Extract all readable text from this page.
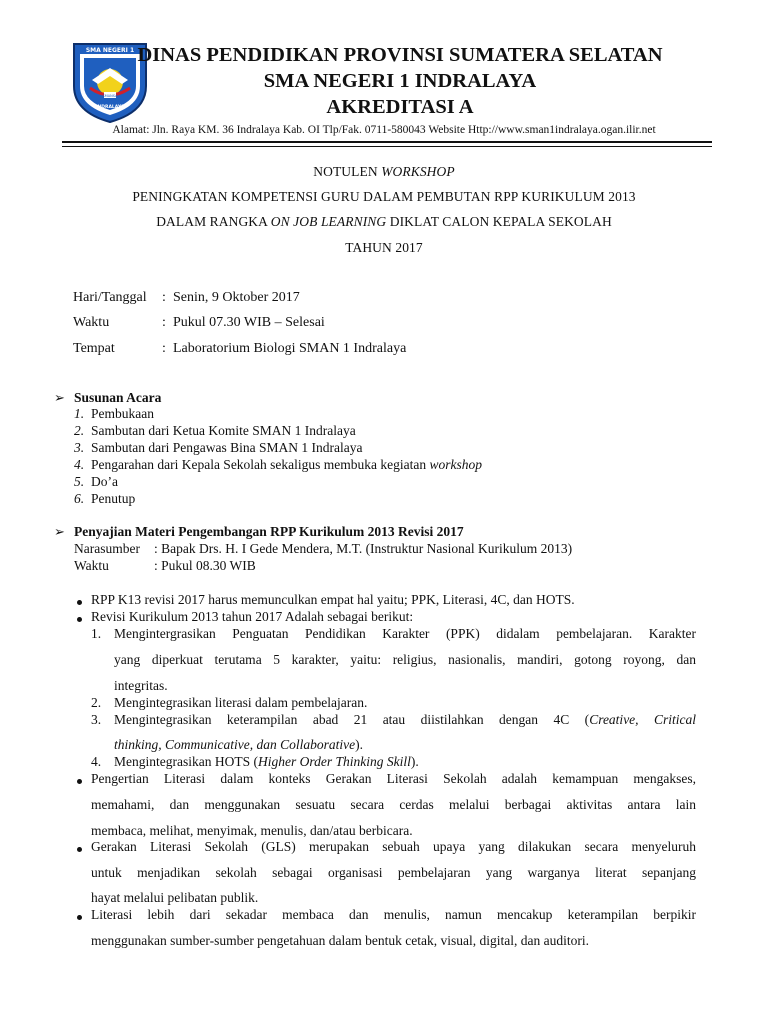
SMA NEGERI 1
SMANSA
INDRALAYA
DINAS PENDIDIKAN PROVINSI SUMATERA SELATAN
SMA NEGERI 1 INDRALAYA
AKREDITASI A
Alamat: Jln. Raya KM. 36 Indralaya Kab. OI Tlp/Fak. 0711-580043 Website Http://www.sman1indralaya.ogan.ilir.net
NOTULEN WORKSHOP
PENINGKATAN KOMPETENSI GURU DALAM PEMBUTAN RPP KURIKULUM 2013
DALAM RANGKA ON JOB LEARNING DIKLAT CALON KEPALA SEKOLAH
TAHUN 2017
Hari/Tanggal : Senin, 9 Oktober 2017
Waktu	: Pukul 07.30 WIB – Selesai
Tempat	: Laboratorium Biologi SMAN 1 Indralaya
➢ Susunan Acara
1. Pembukaan
2. Sambutan dari Ketua Komite SMAN 1 Indralaya
3. Sambutan dari Pengawas Bina SMAN 1 Indralaya
4. Pengarahan dari Kepala Sekolah sekaligus membuka kegiatan workshop
5. Do’a
6. Penutup
➢ Penyajian Materi Pengembangan RPP Kurikulum 2013 Revisi 2017
Narasumber : Bapak Drs. H. I Gede Mendera, M.T. (Instruktur Nasional Kurikulum 2013)
Waktu	: Pukul 08.30 WIB
RPP K13 revisi 2017 harus memunculkan empat hal yaitu; PPK, Literasi, 4C, dan HOTS.
Revisi Kurikulum 2013 tahun 2017 Adalah sebagai berikut:
1. Mengintergrasikan Penguatan Pendidikan Karakter (PPK) didalam pembelajaran. Karakter
yang diperkuat terutama 5 karakter, yaitu: religius, nasionalis, mandiri, gotong royong, dan
integritas.
2. Mengintegrasikan literasi dalam pembelajaran.
3. Mengintegrasikan keterampilan abad 21 atau diistilahkan dengan 4C (Creative, Critical
thinking, Communicative, dan Collaborative).
4. Mengintegrasikan HOTS (Higher Order Thinking Skill).
Pengertian Literasi dalam konteks Gerakan Literasi Sekolah adalah kemampuan mengakses,
memahami, dan menggunakan sesuatu secara cerdas melalui berbagai aktivitas antara lain
membaca, melihat, menyimak, menulis, dan/atau berbicara.
Gerakan Literasi Sekolah (GLS) merupakan sebuah upaya yang dilakukan secara menyeluruh
untuk menjadikan sekolah sebagai organisasi pembelajaran yang warganya literat sepanjang
hayat melalui pelibatan publik.
Literasi lebih dari sekadar membaca dan menulis, namun mencakup keterampilan berpikir
menggunakan sumber-sumber pengetahuan dalam bentuk cetak, visual, digital, dan auditori.
